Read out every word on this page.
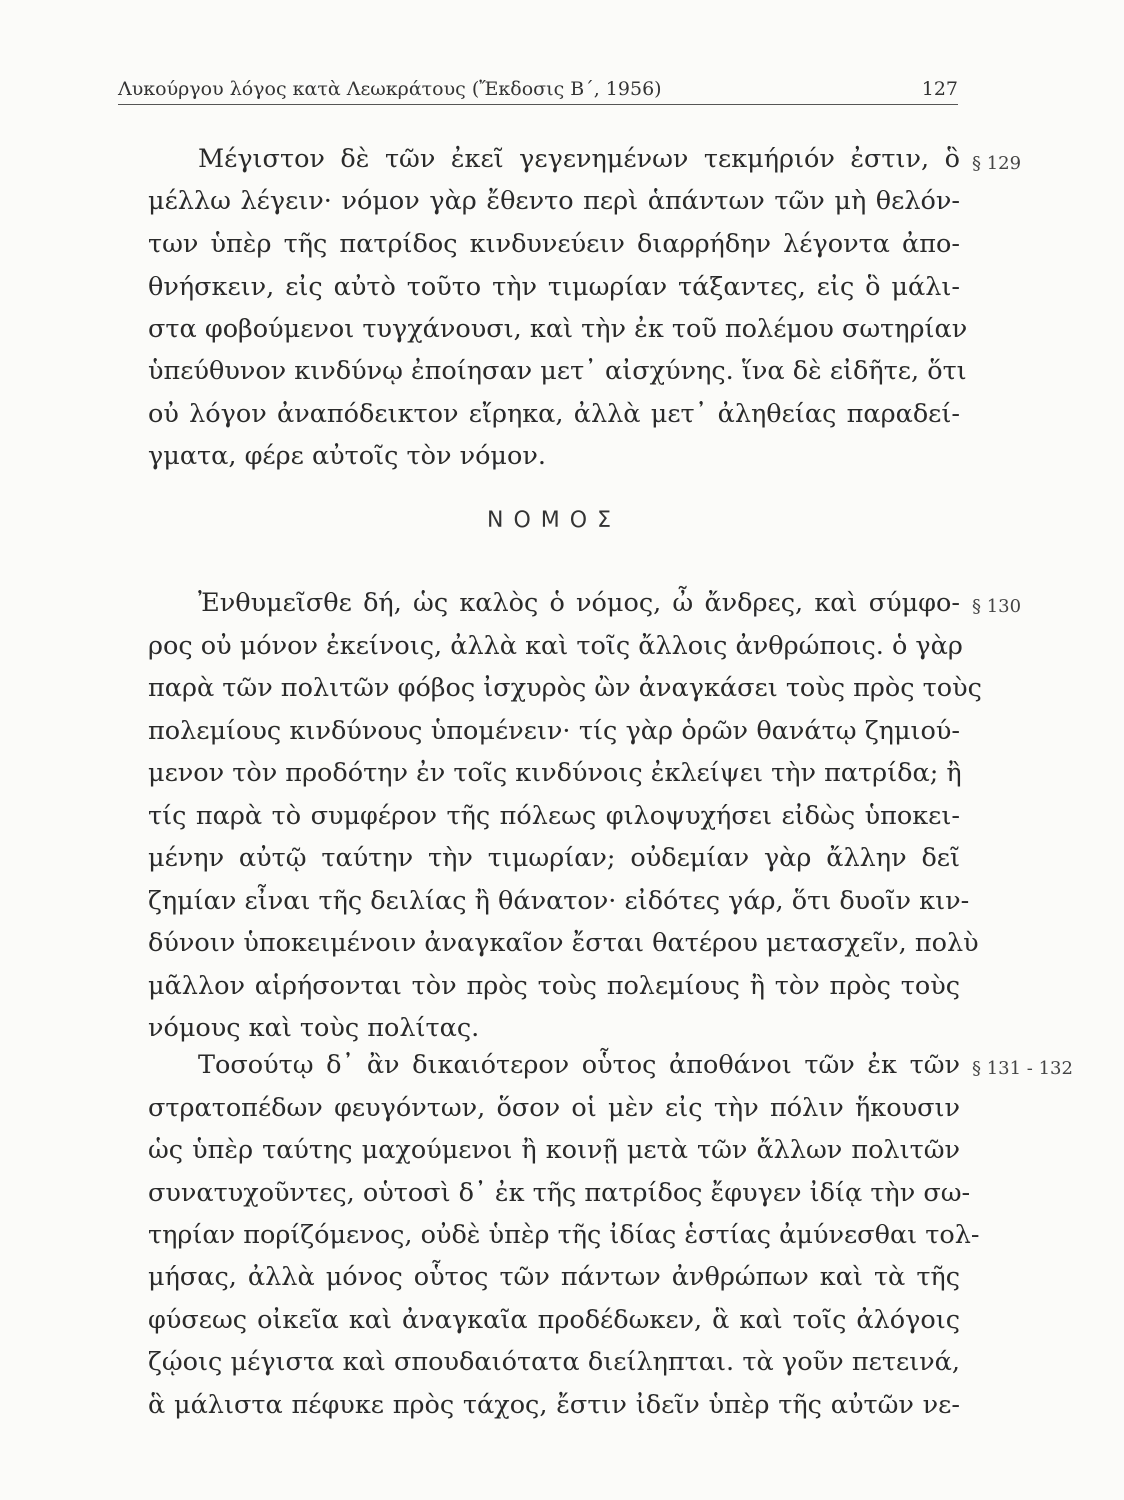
Λυκούργου λόγος κατὰ Λεωκράτους (Ἔκδοσις Β΄, 1956)	127
§ 129
Μέγιστον δὲ τῶν ἐκεῖ γεγενημένων τεκμήριόν ἐστιν, ὃ
μέλλω λέγειν· νόμον γὰρ ἔθεντο περὶ ἁπάντων τῶν μὴ θελόν-
των ὑπὲρ τῆς πατρίδος κινδυνεύειν διαρρήδην λέγοντα ἀπο-
θνήσκειν, εἰς αὐτὸ τοῦτο τὴν τιμωρίαν τάξαντες, εἰς ὃ μάλι-
στα φοβούμενοι τυγχάνουσι, καὶ τὴν ἐκ τοῦ πολέμου σωτηρίαν
ὑπεύθυνον κινδύνῳ ἐποίησαν μετ᾽ αἰσχύνης. ἵνα δὲ εἰδῆτε, ὅτι
οὐ λόγον ἀναπόδεικτον εἴρηκα, ἀλλὰ μετ᾽ ἀληθείας παραδεί-
γματα, φέρε αὐτοῖς τὸν νόμον.
ΝΟΜΟΣ
§ 130
Ἐνθυμεῖσθε δή, ὡς καλὸς ὁ νόμος, ὦ ἄνδρες, καὶ σύμφο-
ρος οὐ μόνον ἐκείνοις, ἀλλὰ καὶ τοῖς ἄλλοις ἀνθρώποις. ὁ γὰρ
παρὰ τῶν πολιτῶν φόβος ἰσχυρὸς ὢν ἀναγκάσει τοὺς πρὸς τοὺς
πολεμίους κινδύνους ὑπομένειν· τίς γὰρ ὁρῶν θανάτῳ ζημιού-
μενον τὸν προδότην ἐν τοῖς κινδύνοις ἐκλείψει τὴν πατρίδα; ἢ
τίς παρὰ τὸ συμφέρον τῆς πόλεως φιλοψυχήσει εἰδὼς ὑποκει-
μένην αὐτῷ ταύτην τὴν τιμωρίαν; οὐδεμίαν γὰρ ἄλλην δεῖ
ζημίαν εἶναι τῆς δειλίας ἢ θάνατον· εἰδότες γάρ, ὅτι δυοῖν κιν-
δύνοιν ὑποκειμένοιν ἀναγκαῖον ἔσται θατέρου μετασχεῖν, πολὺ
μᾶλλον αἱρήσονται τὸν πρὸς τοὺς πολεμίους ἢ τὸν πρὸς τοὺς
νόμους καὶ τοὺς πολίτας.
§ 131 - 132
Τοσούτῳ δ᾽ ἂν δικαιότερον οὗτος ἀποθάνοι τῶν ἐκ τῶν
στρατοπέδων φευγόντων, ὅσον οἱ μὲν εἰς τὴν πόλιν ἥκουσιν
ὡς ὑπὲρ ταύτης μαχούμενοι ἢ κοινῇ μετὰ τῶν ἄλλων πολιτῶν
συνατυχοῦντες, οὑτοσὶ δ᾽ ἐκ τῆς πατρίδος ἔφυγεν ἰδίᾳ τὴν σω-
τηρίαν πορίζόμενος, οὐδὲ ὑπὲρ τῆς ἰδίας ἑστίας ἀμύνεσθαι τολ-
μήσας, ἀλλὰ μόνος οὗτος τῶν πάντων ἀνθρώπων καὶ τὰ τῆς
φύσεως οἰκεῖα καὶ ἀναγκαῖα προδέδωκεν, ἃ καὶ τοῖς ἀλόγοις
ζῴοις μέγιστα καὶ σπουδαιότατα διείληπται. τὰ γοῦν πετεινά,
ἃ μάλιστα πέφυκε πρὸς τάχος, ἔστιν ἰδεῖν ὑπὲρ τῆς αὐτῶν νε-
